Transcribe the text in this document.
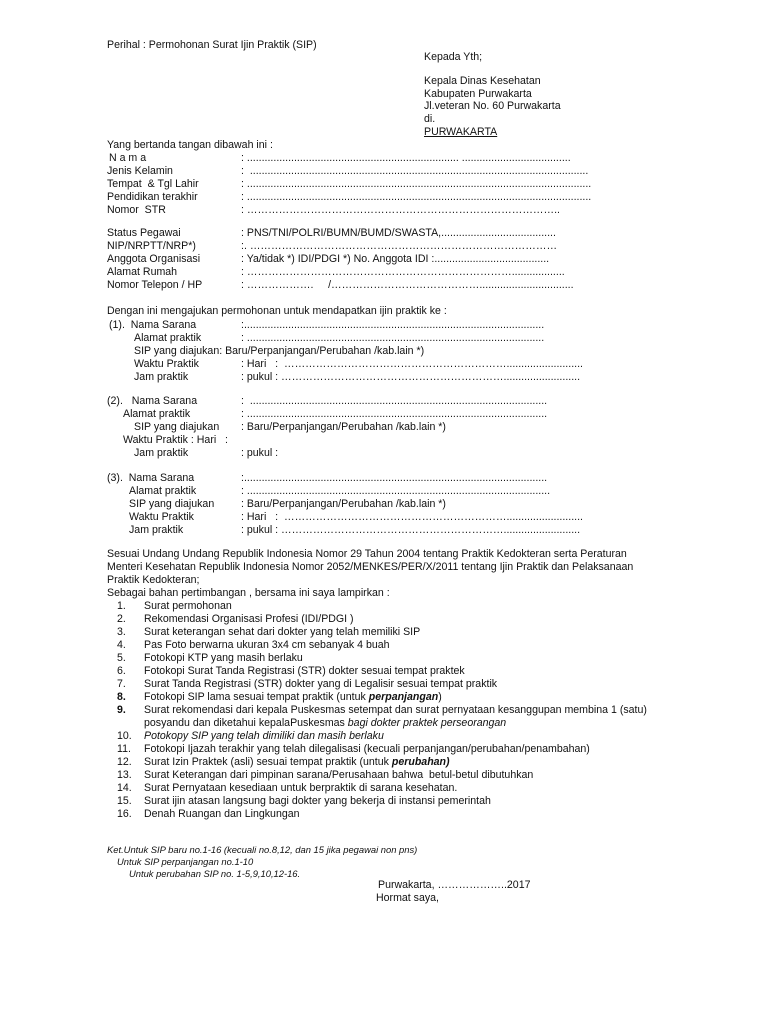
Perihal : Permohonan Surat Ijin Praktik (SIP)
Kepada Yth;
Kepala Dinas Kesehatan
Kabupaten Purwakarta
Jl.veteran No. 60 Purwakarta
di.
PURWAKARTA
Yang bertanda tangan dibawah ini :
N a m a	: ........................................................................ .....................................
Jenis Kelamin	:  ...................................................................................................................
Tempat  & Tgl Lahir	: .....................................................................................................................
Pendidikan terakhir	: .....................................................................................................................
Nomor  STR	: ……………………………………………………………………………..
Status Pegawai	: PNS/TNI/POLRI/BUMN/BUMD/SWASTA,.......................................
NIP/NRPTT/NRP*)	:. ……………………………………………………………………………
Anggota Organisasi	: Ya/tidak *) IDI/PDGI *) No. Anggota IDI :.......................................
Alamat Rumah	: …………………………………………………………………..................
Nomor Telepon / HP	: ……………….     /……………………………………................................
Dengan ini mengajukan permohonan untuk mendapatkan ijin praktik ke :
(1).  Nama Sarana	:......................................................................................................
Alamat praktik	: .....................................................................................................
SIP yang diajukan: Baru/Perpanjangan/Perubahan /kab.lain *)
Waktu Praktik	: Hari   :  ………………………………………………………..........................
Jam praktik	: pukul : ………………………………………………………..........................
(2).   Nama Sarana	:  .....................................................................................................
Alamat praktik	: ......................................................................................................
SIP yang diajukan : Baru/Perpanjangan/Perubahan /kab.lain *)
Waktu Praktik : Hari   :
Jam praktik	: pukul :
(3).  Nama Sarana	:.......................................................................................................
Alamat praktik	: .......................................................................................................
SIP yang diajukan	: Baru/Perpanjangan/Perubahan /kab.lain *)
Waktu Praktik	: Hari   :  ………………………………………………………..........................
Jam praktik	: pukul : ………………………………………………………..........................
Sesuai Undang Undang Republik Indonesia Nomor 29 Tahun 2004 tentang Praktik Kedokteran serta Peraturan
Menteri Kesehatan Republik Indonesia Nomor 2052/MENKES/PER/X/2011 tentang Ijin Praktik dan Pelaksanaan
Praktik Kedokteran;
Sebagai bahan pertimbangan , bersama ini saya lampirkan :
1. Surat permohonan
2. Rekomendasi Organisasi Profesi (IDI/PDGI )
3. Surat keterangan sehat dari dokter yang telah memiliki SIP
4. Pas Foto berwarna ukuran 3x4 cm sebanyak 4 buah
5. Fotokopi KTP yang masih berlaku
6. Fotokopi Surat Tanda Registrasi (STR) dokter sesuai tempat praktek
7. Surat Tanda Registrasi (STR) dokter yang di Legalisir sesuai tempat praktik
8. Fotokopi SIP lama sesuai tempat praktik (untuk perpanjangan)
9. Surat rekomendasi dari kepala Puskesmas setempat dan surat pernyataan kesanggupan membina 1 (satu)
posyandu dan diketahui kepalaPuskesmas bagi dokter praktek perseorangan
10. Potokopy SIP yang telah dimiliki dan masih berlaku
11. Fotokopi Ijazah terakhir yang telah dilegalisasi (kecuali perpanjangan/perubahan/penambahan)
12. Surat Izin Praktek (asli) sesuai tempat praktik (untuk perubahan)
13. Surat Keterangan dari pimpinan sarana/Perusahaan bahwa  betul-betul dibutuhkan
14. Surat Pernyataan kesediaan untuk berpraktik di sarana kesehatan.
15. Surat ijin atasan langsung bagi dokter yang bekerja di instansi pemerintah
16. Denah Ruangan dan Lingkungan
Ket.Untuk SIP baru no.1-16 (kecuali no.8,12, dan 15 jika pegawai non pns)
Untuk SIP perpanjangan no.1-10
Untuk perubahan SIP no. 1-5,9,10,12-16.
Purwakarta, ………………..2017
Hormat saya,
